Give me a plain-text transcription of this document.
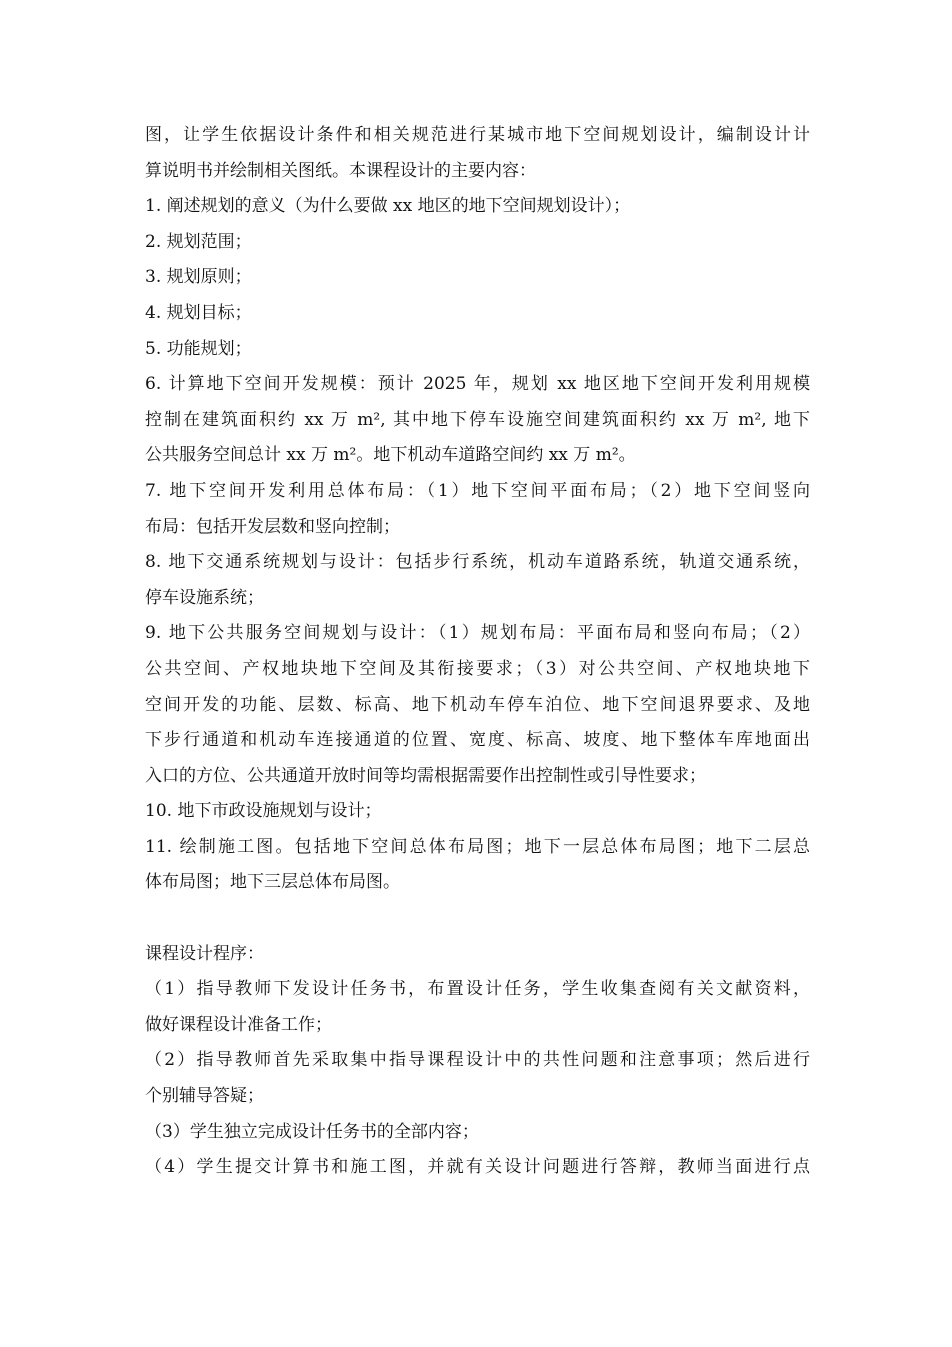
图，让学生依据设计条件和相关规范进行某城市地下空间规划设计，编制设计计
算说明书并绘制相关图纸。本课程设计的主要内容：
1. 阐述规划的意义（为什么要做 xx 地区的地下空间规划设计）；
2. 规划范围；
3. 规划原则；
4. 规划目标；
5. 功能规划；
6. 计算地下空间开发规模：预计 2025 年，规划 xx 地区地下空间开发利用规模
控制在建筑面积约 xx 万 m², 其中地下停车设施空间建筑面积约 xx 万 m², 地下
公共服务空间总计 xx 万 m²。地下机动车道路空间约 xx 万 m²。
7. 地下空间开发利用总体布局：（1）地下空间平面布局；（2）地下空间竖向
布局：包括开发层数和竖向控制；
8. 地下交通系统规划与设计：包括步行系统，机动车道路系统，轨道交通系统，
停车设施系统；
9. 地下公共服务空间规划与设计：（1）规划布局：平面布局和竖向布局；（2）
公共空间、产权地块地下空间及其衔接要求；（3）对公共空间、产权地块地下
空间开发的功能、层数、标高、地下机动车停车泊位、地下空间退界要求、及地
下步行通道和机动车连接通道的位置、宽度、标高、坡度、地下整体车库地面出
入口的方位、公共通道开放时间等均需根据需要作出控制性或引导性要求；
10. 地下市政设施规划与设计；
11. 绘制施工图。包括地下空间总体布局图；地下一层总体布局图；地下二层总
体布局图；地下三层总体布局图。
课程设计程序：
（1）指导教师下发设计任务书，布置设计任务，学生收集查阅有关文献资料，
做好课程设计准备工作；
（2）指导教师首先采取集中指导课程设计中的共性问题和注意事项；然后进行
个别辅导答疑；
（3）学生独立完成设计任务书的全部内容；
（4）学生提交计算书和施工图，并就有关设计问题进行答辩，教师当面进行点
